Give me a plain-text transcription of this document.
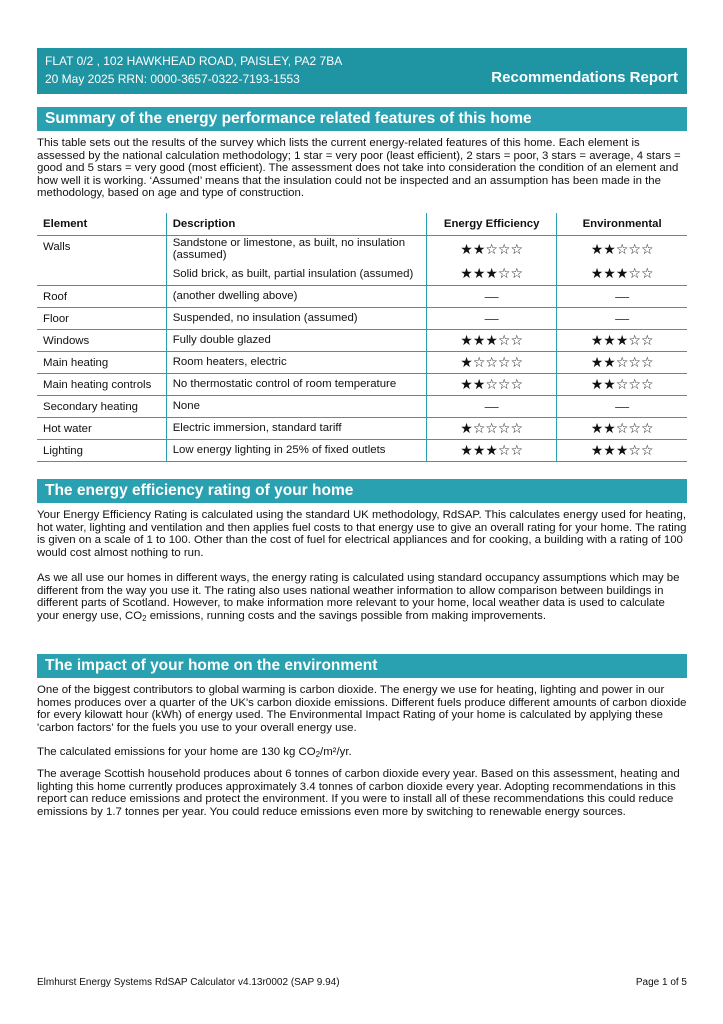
FLAT 0/2 , 102 HAWKHEAD ROAD, PAISLEY, PA2 7BA
20 May 2025 RRN: 0000-3657-0322-7193-1553	Recommendations Report
Summary of the energy performance related features of this home
This table sets out the results of the survey which lists the current energy-related features of this home. Each element is assessed by the national calculation methodology; 1 star = very poor (least efficient), 2 stars = poor, 3 stars = average, 4 stars = good and 5 stars = very good (most efficient). The assessment does not take into consideration the condition of an element and how well it is working. ‘Assumed’ means that the insulation could not be inspected and an assumption has been made in the methodology, based on age and type of construction.
Element	Description	Energy Efficiency	Environmental
Walls	Sandstone or limestone, as built, no insulation (assumed)	★★☆☆☆	★★☆☆☆
	Solid brick, as built, partial insulation (assumed)	★★★☆☆	★★★☆☆
Roof	(another dwelling above)	—	—
Floor	Suspended, no insulation (assumed)	—	—
Windows	Fully double glazed	★★★☆☆	★★★☆☆
Main heating	Room heaters, electric	★☆☆☆☆	★★☆☆☆
Main heating controls	No thermostatic control of room temperature	★★☆☆☆	★★☆☆☆
Secondary heating	None	—	—
Hot water	Electric immersion, standard tariff	★☆☆☆☆	★★☆☆☆
Lighting	Low energy lighting in 25% of fixed outlets	★★★☆☆	★★★☆☆
The energy efficiency rating of your home
Your Energy Efficiency Rating is calculated using the standard UK methodology, RdSAP. This calculates energy used for heating, hot water, lighting and ventilation and then applies fuel costs to that energy use to give an overall rating for your home. The rating is given on a scale of 1 to 100. Other than the cost of fuel for electrical appliances and for cooking, a building with a rating of 100 would cost almost nothing to run.
As we all use our homes in different ways, the energy rating is calculated using standard occupancy assumptions which may be different from the way you use it. The rating also uses national weather information to allow comparison between buildings in different parts of Scotland. However, to make information more relevant to your home, local weather data is used to calculate your energy use, $CO_2$ emissions, running costs and the savings possible from making improvements.
The impact of your home on the environment
One of the biggest contributors to global warming is carbon dioxide. The energy we use for heating, lighting and power in our homes produces over a quarter of the UK's carbon dioxide emissions. Different fuels produce different amounts of carbon dioxide for every kilowatt hour (kWh) of energy used. The Environmental Impact Rating of your home is calculated by applying these 'carbon factors' for the fuels you use to your overall energy use.
The calculated emissions for your home are 130 kg $CO_2/m^2/yr$.
The average Scottish household produces about 6 tonnes of carbon dioxide every year. Based on this assessment, heating and lighting this home currently produces approximately 3.4 tonnes of carbon dioxide every year. Adopting recommendations in this report can reduce emissions and protect the environment. If you were to install all of these recommendations this could reduce emissions by 1.7 tonnes per year. You could reduce emissions even more by switching to renewable energy sources.
Elmhurst Energy Systems RdSAP Calculator v4.13r0002 (SAP 9.94)	Page 1 of 5
